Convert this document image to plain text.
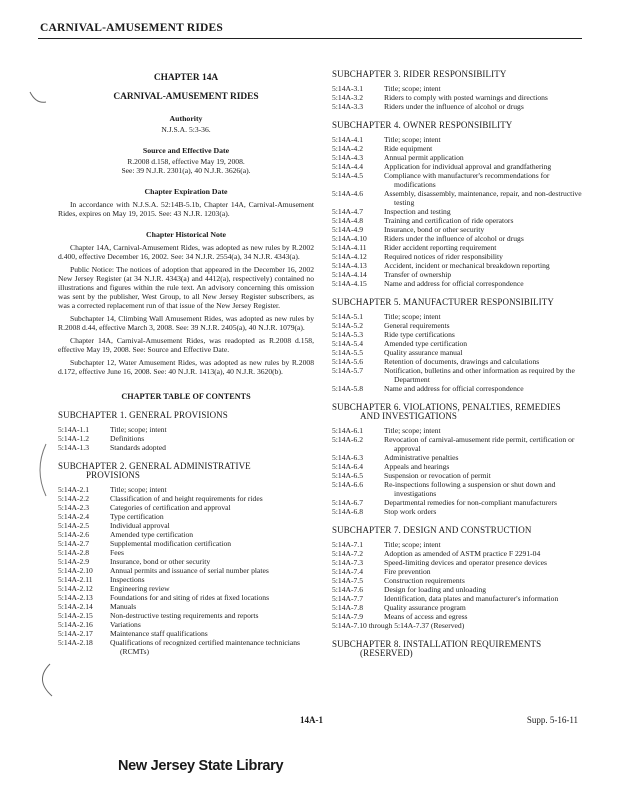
CARNIVAL-AMUSEMENT RIDES
CHAPTER 14A
CARNIVAL-AMUSEMENT RIDES
Authority
N.J.S.A. 5:3-36.
Source and Effective Date
R.2008 d.158, effective May 19, 2008.
See: 39 N.J.R. 2301(a), 40 N.J.R. 3626(a).
Chapter Expiration Date
In accordance with N.J.S.A. 52:14B-5.1b, Chapter 14A, Carnival-Amusement Rides, expires on May 19, 2015. See: 43 N.J.R. 1203(a).
Chapter Historical Note
Chapter 14A, Carnival-Amusement Rides, was adopted as new rules by R.2002 d.400, effective December 16, 2002. See: 34 N.J.R. 2554(a), 34 N.J.R. 4343(a).
Public Notice: The notices of adoption that appeared in the December 16, 2002 New Jersey Register (at 34 N.J.R. 4343(a) and 4412(a), respectively) contained no illustrations and figures within the rule text. An advisory concerning this omission was sent by the publisher, West Group, to all New Jersey Register subscribers, as was a corrected replacement run of that issue of the New Jersey Register.
Subchapter 14, Climbing Wall Amusement Rides, was adopted as new rules by R.2008 d.44, effective March 3, 2008. See: 39 N.J.R. 2405(a), 40 N.J.R. 1079(a).
Chapter 14A, Carnival-Amusement Rides, was readopted as R.2008 d.158, effective May 19, 2008. See: Source and Effective Date.
Subchapter 12, Water Amusement Rides, was adopted as new rules by R.2008 d.172, effective June 16, 2008. See: 40 N.J.R. 1413(a), 40 N.J.R. 3620(b).
CHAPTER TABLE OF CONTENTS
SUBCHAPTER 1. GENERAL PROVISIONS
5:14A-1.1	Title; scope; intent
5:14A-1.2	Definitions
5:14A-1.3	Standards adopted
SUBCHAPTER 2. GENERAL ADMINISTRATIVE
PROVISIONS
5:14A-2.1	Title; scope; intent
5:14A-2.2	Classification of and height requirements for rides
5:14A-2.3	Categories of certification and approval
5:14A-2.4	Type certification
5:14A-2.5	Individual approval
5:14A-2.6	Amended type certification
5:14A-2.7	Supplemental modification certification
5:14A-2.8	Fees
5:14A-2.9	Insurance, bond or other security
5:14A-2.10	Annual permits and issuance of serial number plates
5:14A-2.11	Inspections
5:14A-2.12	Engineering review
5:14A-2.13	Foundations for and siting of rides at fixed locations
5:14A-2.14	Manuals
5:14A-2.15	Non-destructive testing requirements and reports
5:14A-2.16	Variations
5:14A-2.17	Maintenance staff qualifications
5:14A-2.18	Qualifications of recognized certified maintenance technicians (RCMTs)
SUBCHAPTER 3. RIDER RESPONSIBILITY
5:14A-3.1	Title; scope; intent
5:14A-3.2	Riders to comply with posted warnings and directions
5:14A-3.3	Riders under the influence of alcohol or drugs
SUBCHAPTER 4. OWNER RESPONSIBILITY
5:14A-4.1	Title; scope; intent
5:14A-4.2	Ride equipment
5:14A-4.3	Annual permit application
5:14A-4.4	Application for individual approval and grandfathering
5:14A-4.5	Compliance with manufacturer's recommendations for modifications
5:14A-4.6	Assembly, disassembly, maintenance, repair, and non-destructive testing
5:14A-4.7	Inspection and testing
5:14A-4.8	Training and certification of ride operators
5:14A-4.9	Insurance, bond or other security
5:14A-4.10	Riders under the influence of alcohol or drugs
5:14A-4.11	Rider accident reporting requirement
5:14A-4.12	Required notices of rider responsibility
5:14A-4.13	Accident, incident or mechanical breakdown reporting
5:14A-4.14	Transfer of ownership
5:14A-4.15	Name and address for official correspondence
SUBCHAPTER 5. MANUFACTURER RESPONSIBILITY
5:14A-5.1	Title; scope; intent
5:14A-5.2	General requirements
5:14A-5.3	Ride type certifications
5:14A-5.4	Amended type certification
5:14A-5.5	Quality assurance manual
5:14A-5.6	Retention of documents, drawings and calculations
5:14A-5.7	Notification, bulletins and other information as required by the Department
5:14A-5.8	Name and address for official correspondence
SUBCHAPTER 6. VIOLATIONS, PENALTIES, REMEDIES
AND INVESTIGATIONS
5:14A-6.1	Title; scope; intent
5:14A-6.2	Revocation of carnival-amusement ride permit, certification or approval
5:14A-6.3	Administrative penalties
5:14A-6.4	Appeals and hearings
5:14A-6.5	Suspension or revocation of permit
5:14A-6.6	Re-inspections following a suspension or shut down and investigations
5:14A-6.7	Departmental remedies for non-compliant manufacturers
5:14A-6.8	Stop work orders
SUBCHAPTER 7. DESIGN AND CONSTRUCTION
5:14A-7.1	Title; scope; intent
5:14A-7.2	Adoption as amended of ASTM practice F 2291-04
5:14A-7.3	Speed-limiting devices and operator presence devices
5:14A-7.4	Fire prevention
5:14A-7.5	Construction requirements
5:14A-7.6	Design for loading and unloading
5:14A-7.7	Identification, data plates and manufacturer's information
5:14A-7.8	Quality assurance program
5:14A-7.9	Means of access and egress
5:14A-7.10 through 5:14A-7.37 (Reserved)
SUBCHAPTER 8. INSTALLATION REQUIREMENTS
(RESERVED)
14A-1	Supp. 5-16-11
New Jersey State Library
